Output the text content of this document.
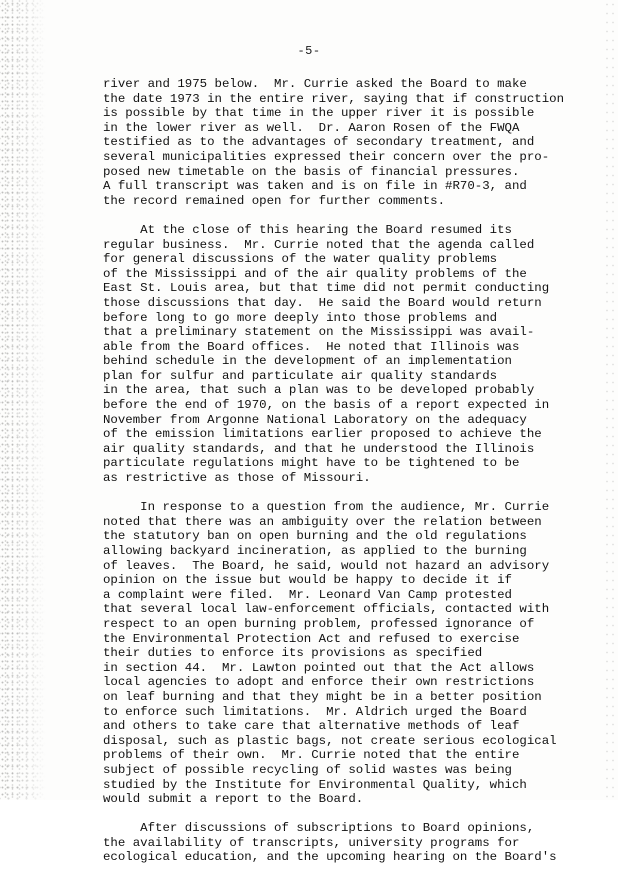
-5-
river and 1975 below.  Mr. Currie asked the Board to make
the date 1973 in the entire river, saying that if construction
is possible by that time in the upper river it is possible
in the lower river as well.  Dr. Aaron Rosen of the FWQA
testified as to the advantages of secondary treatment, and
several municipalities expressed their concern over the pro-
posed new timetable on the basis of financial pressures.
A full transcript was taken and is on file in #R70-3, and
the record remained open for further comments.
At the close of this hearing the Board resumed its
regular business.  Mr. Currie noted that the agenda called
for general discussions of the water quality problems
of the Mississippi and of the air quality problems of the
East St. Louis area, but that time did not permit conducting
those discussions that day.  He said the Board would return
before long to go more deeply into those problems and
that a preliminary statement on the Mississippi was avail-
able from the Board offices.  He noted that Illinois was
behind schedule in the development of an implementation
plan for sulfur and particulate air quality standards
in the area, that such a plan was to be developed probably
before the end of 1970, on the basis of a report expected in
November from Argonne National Laboratory on the adequacy
of the emission limitations earlier proposed to achieve the
air quality standards, and that he understood the Illinois
particulate regulations might have to be tightened to be
as restrictive as those of Missouri.
In response to a question from the audience, Mr. Currie
noted that there was an ambiguity over the relation between
the statutory ban on open burning and the old regulations
allowing backyard incineration, as applied to the burning
of leaves.  The Board, he said, would not hazard an advisory
opinion on the issue but would be happy to decide it if
a complaint were filed.  Mr. Leonard Van Camp protested
that several local law-enforcement officials, contacted with
respect to an open burning problem, professed ignorance of
the Environmental Protection Act and refused to exercise
their duties to enforce its provisions as specified
in section 44.  Mr. Lawton pointed out that the Act allows
local agencies to adopt and enforce their own restrictions
on leaf burning and that they might be in a better position
to enforce such limitations.  Mr. Aldrich urged the Board
and others to take care that alternative methods of leaf
disposal, such as plastic bags, not create serious ecological
problems of their own.  Mr. Currie noted that the entire
subject of possible recycling of solid wastes was being
studied by the Institute for Environmental Quality, which
would submit a report to the Board.
After discussions of subscriptions to Board opinions,
the availability of transcripts, university programs for
ecological education, and the upcoming hearing on the Board's
